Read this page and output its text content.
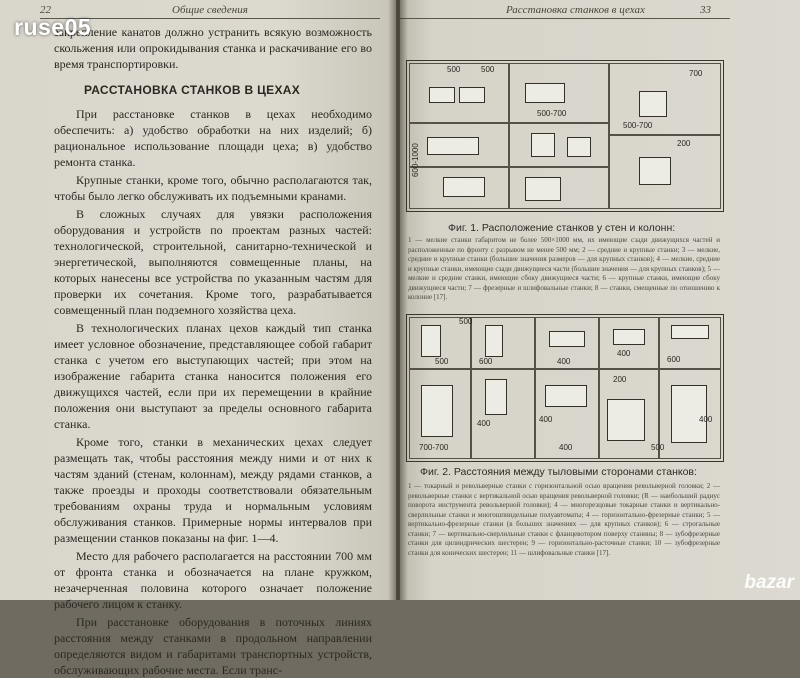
22	Общие сведения

закрепление канатов должно устранить всякую возможность скольжения или опрокидывания станка и раскачивание его во время транспортировки.

РАССТАНОВКА СТАНКОВ В ЦЕХАХ

При расстановке станков в цехах необходимо обеспечить: а) удобство обработки на них изделий; б) рациональное использование площади цеха; в) удобство ремонта станка.

Крупные станки, кроме того, обычно располагаются так, чтобы было легко обслуживать их подъемными кранами.

В сложных случаях для увязки расположения оборудования и устройств по проектам разных частей: технологической, строительной, санитарно-технической и энергетической, выполняются совмещенные планы, на которых нанесены все устройства по указанным частям для проверки их сочетания. Кроме того, разрабатывается совмещенный план подземного хозяйства цеха.

В технологических планах цехов каждый тип станка имеет условное обозначение, представляющее собой габарит станка с учетом его выступающих частей; при этом на изображение габарита станка наносится положения его движущихся частей, если при их перемещении в крайние положения они выступают за пределы основного габарита станка.

Кроме того, станки в механических цехах следует размещать так, чтобы расстояния между ними и от них к частям зданий (стенам, колоннам), между рядами станков, а также проезды и проходы соответствовали обязательным требованиям охраны труда и нормальным условиям обслуживания станков. Примерные нормы интервалов при размещении станков показаны на фиг. 1—4.

Место для рабочего располагается на расстоянии 700 мм от фронта станка и обозначается на плане кружком, незачерченная половина которого означает положение рабочего лицом к станку.

При расстановке оборудования в поточных линиях расстояния между станками в продольном направлении определяются видом и габаритами транспортных устройств, обслуживающих рабочие места. Если транс-

Расстановка станков в цехах	33
500	500
500-700
700
500-700
600-1000	200
Фиг. 1. Расположение станков у стен и колонн:
1 — мелкие станки габаритом не более 500×1000 мм, их имеющие сзади движущихся частей и расположенные по фронту с разрывом не менее 500 мм; 2 — средние и крупные станки; 3 — мелкие, средние и крупные станки (большие значения размеров — для крупных станков); 4 — мелкие, средние и крупные станки, имеющие сзади движущиеся части (большие значения — для крупных станков); 5 — мелкие и средние станки, имеющие сбоку движущиеся части; 6 — крупные станки, имеющие сбоку движущиеся части; 7 — фрезерные и шлифовальные станки; 8 — станки, смещенные по отношению к колонне [17].
500
500	600	400
400
200
400	400
600
700-700	400	500
400
Фиг. 2. Расстояния между тыловыми сторонами станков:
1 — токарный и револьверные станки с горизонтальной осью вращения револьверной головки; 2 — револьверные станки с вертикальной осью вращения револьверной головки; (R — наибольший радиус поворота инструмента револьверной головки); 4 — многорезцовые токарные станки и вертикально-сверлильные станки и многошпиндельные полуавтоматы; 4 — горизонтально-фрезерные станки; 5 — вертикально-фрезерные станки (в больших значениях — для крупных станков); 6 — строгальные станки; 7 — вертикально-сверлильные станки с фланцевотором поверху станины; 8 — зубофрезерные станки для цилиндрических шестерен; 9 — горизонтально-расточные станки; 10 — зубофрезерные станки для конических шестерен; 11 — шлифовальные станки [17].
ruse05
bazar
